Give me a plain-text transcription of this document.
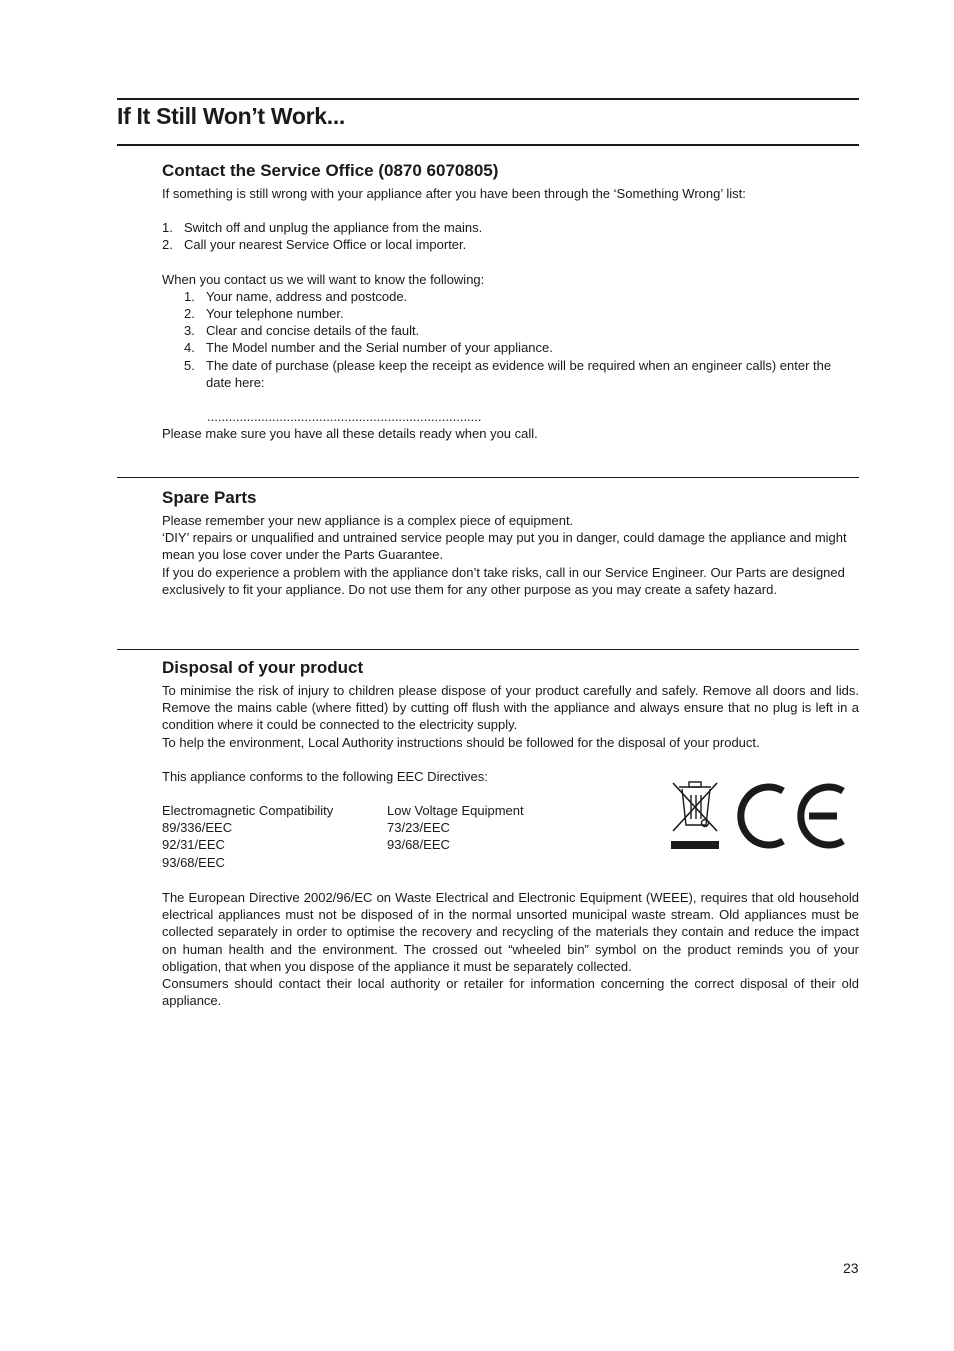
If It Still Won’t Work...
Contact the Service Office (0870 6070805)

If something is still wrong with your appliance after you have been through the ‘Something Wrong’ list:

1. Switch off and unplug the appliance from the mains.
2. Call your nearest Service Office or local importer.

When you contact us we will want to know the following:

1. Your name, address and postcode.
2. Your telephone number.
3. Clear and concise details of the fault.
4. The Model number and the Serial number of your appliance.
5. The date of purchase (please keep the receipt as evidence will be required when an engineer calls) enter the date here:

............................................................................

Please make sure you have all these details ready when you call.

Spare Parts

Please remember your new appliance is a complex piece of equipment.

‘DIY’ repairs or unqualified and untrained service people may put you in danger, could damage the appliance and might mean you lose cover under the Parts Guarantee.

If you do experience a problem with the appliance don’t take risks, call in our Service Engineer. Our Parts are designed exclusively to fit your appliance. Do not use them for any other purpose as you may create a safety hazard.

Disposal of your product

To minimise the risk of injury to children please dispose of your product carefully and safely. Remove all doors and lids. Remove the mains cable (where fitted) by cutting off flush with the appliance and always ensure that no plug is left in a condition where it could be connected to the electricity supply.

To help the environment, Local Authority instructions should be followed for the disposal of your product.

This appliance conforms to the following EEC Directives:

Electromagnetic Compatibility

89/336/EEC

92/31/EEC

93/68/EEC

Low Voltage Equipment

73/23/EEC

93/68/EEC

The European Directive 2002/96/EC on Waste Electrical and Electronic Equipment (WEEE), requires that old household electrical appliances must not be disposed of in the normal unsorted municipal waste stream. Old appliances must be collected separately in order to optimise the recovery and recycling of the materials they contain and reduce the impact on human health and the environment. The crossed out “wheeled bin” symbol on the product reminds you of your obligation, that when you dispose of the appliance it must be separately collected.

Consumers should contact their local authority or retailer for information concerning the correct disposal of their old appliance.

23
